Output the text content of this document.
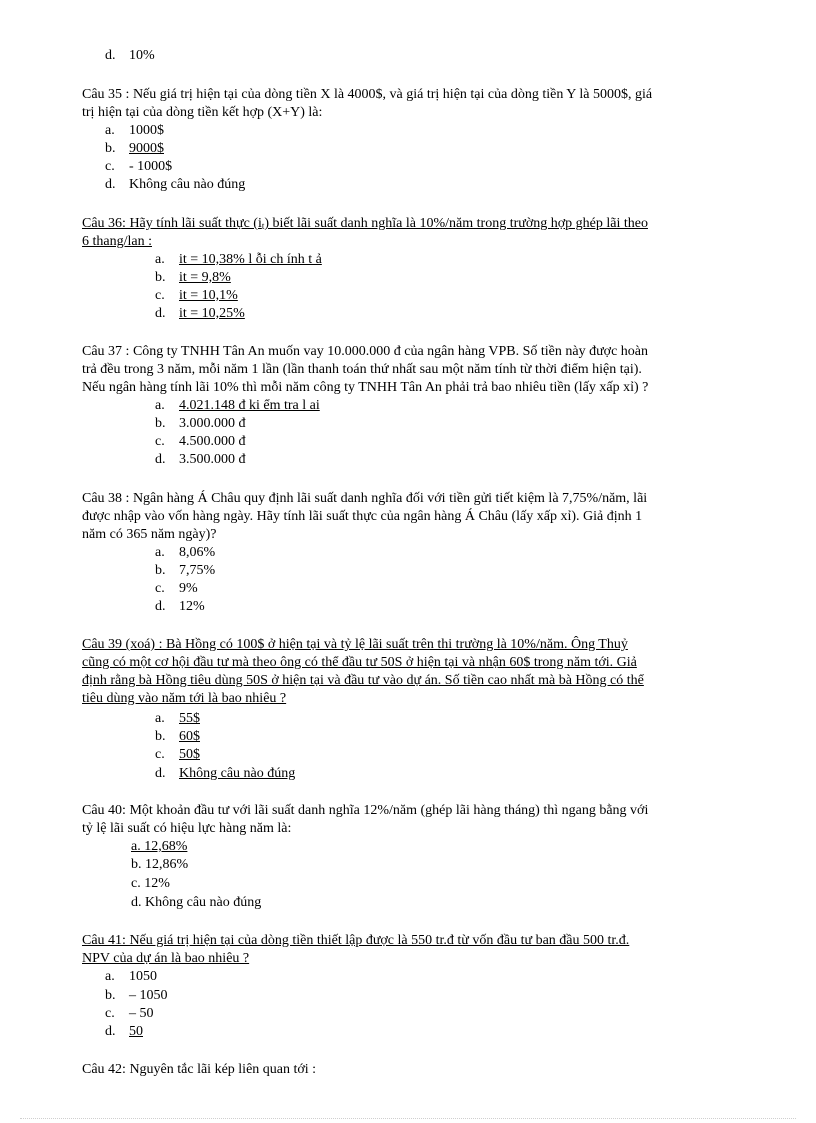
d. 10%
Câu 35 : Nếu giá trị hiện tại của dòng tiền X là 4000$, và giá trị hiện tại của dòng tiền Y là 5000$, giá
trị hiện tại của dòng tiền kết hợp (X+Y) là:
a. 1000$
b. 9000$
c. - 1000$
d. Không câu nào đúng
Câu 36: Hãy tính lãi suất thực $(i_t)$ biết lãi suất danh nghĩa là 10%/năm trong trường hợp ghép lãi theo
6 thang/lan :
a. it = 10,38% l ỗi ch ính t ả
b. it = 9,8%
c. it = 10,1%
d. it = 10,25%
Câu 37 : Công ty TNHH Tân An muốn vay 10.000.000 đ của ngân hàng VPB. Số tiền này được hoàn
trả đều trong 3 năm, mỗi năm 1 lần (lần thanh toán thứ nhất sau một năm tính từ thời điểm hiện tại).
Nếu ngân hàng tính lãi 10% thì mỗi năm công ty TNHH Tân An phải trả bao nhiêu tiền (lấy xấp xỉ) ?
a. 4.021.148 đ ki ểm tra l ai
b. 3.000.000 đ
c. 4.500.000 đ
d. 3.500.000 đ
Câu 38 : Ngân hàng Á Châu quy định lãi suất danh nghĩa đối với tiền gửi tiết kiệm là 7,75%/năm, lãi
được nhập vào vốn hàng ngày. Hãy tính lãi suất thực của ngân hàng Á Châu (lấy xấp xỉ). Giả định 1
năm có 365 năm ngày)?
a. 8,06%
b. 7,75%
c. 9%
d. 12%
Câu 39 (xoá) : Bà Hồng có 100$ ở hiện tại và tỷ lệ lãi suất trên thi trường là 10%/năm. Ông Thuỷ
cũng có một cơ hội đầu tư mà theo ông có thể đầu tư 50S ở hiện tại và nhận 60$ trong năm tới. Giả
định rằng bà Hồng tiêu dùng 50S ở hiện tại và đầu tư vào dự án. Số tiền cao nhất mà bà Hồng có thể
tiêu dùng vào năm tới là bao nhiêu ?
a. 55$
b. 60$
c. 50$
d. Không câu nào đúng
Câu 40: Một khoản đầu tư với lãi suất danh nghĩa 12%/năm (ghép lãi hàng tháng) thì ngang bằng với
tỷ lệ lãi suất có hiệu lực hàng năm là:
a. 12,68%
b. 12,86%
c. 12%
d. Không câu nào đúng
Câu 41: Nếu giá trị hiện tại của dòng tiền thiết lập được là 550 tr.đ từ vốn đầu tư ban đầu 500 tr.đ.
NPV của dự án là bao nhiêu ?
a. 1050
b. – 1050
c. – 50
d. 50
Câu 42: Nguyên tắc lãi kép liên quan tới :
